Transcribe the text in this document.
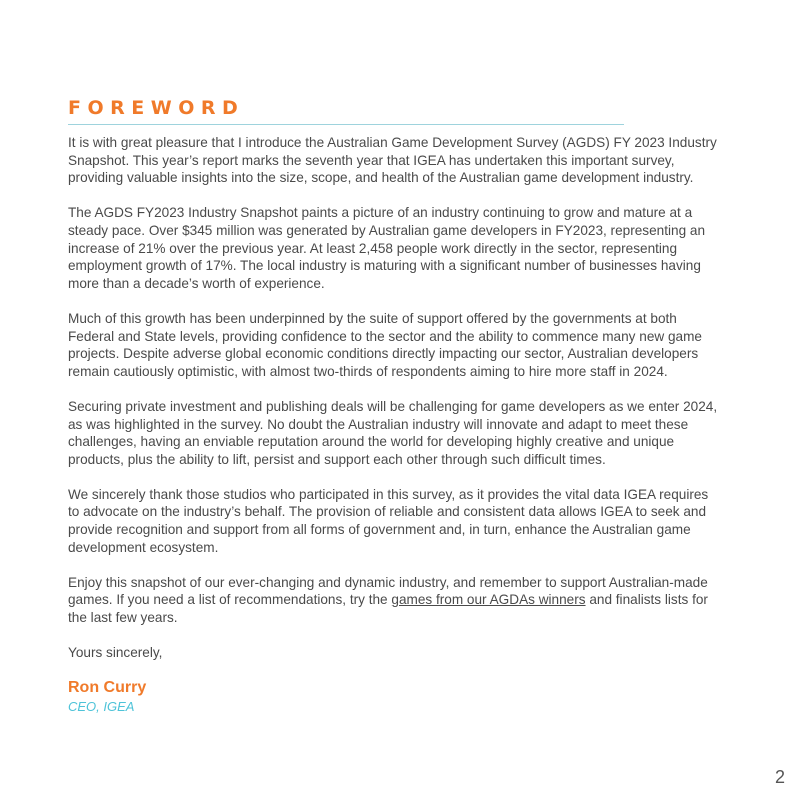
FOREWORD

It is with great pleasure that I introduce the Australian Game Development Survey (AGDS) FY 2023 Industry Snapshot. This year’s report marks the seventh year that IGEA has undertaken this important survey, providing valuable insights into the size, scope, and health of the Australian game development industry.

The AGDS FY2023 Industry Snapshot paints a picture of an industry continuing to grow and mature at a steady pace. Over $345 million was generated by Australian game developers in FY2023, representing an increase of 21% over the previous year. At least 2,458 people work directly in the sector, representing employment growth of 17%. The local industry is maturing with a significant number of businesses having more than a decade’s worth of experience.

Much of this growth has been underpinned by the suite of support offered by the governments at both Federal and State levels, providing confidence to the sector and the ability to commence many new game projects. Despite adverse global economic conditions directly impacting our sector, Australian developers remain cautiously optimistic, with almost two-thirds of respondents aiming to hire more staff in 2024.

Securing private investment and publishing deals will be challenging for game developers as we enter 2024, as was highlighted in the survey. No doubt the Australian industry will innovate and adapt to meet these challenges, having an enviable reputation around the world for developing highly creative and unique products, plus the ability to lift, persist and support each other through such difficult times.

We sincerely thank those studios who participated in this survey, as it provides the vital data IGEA requires to advocate on the industry’s behalf. The provision of reliable and consistent data allows IGEA to seek and provide recognition and support from all forms of government and, in turn, enhance the Australian game development ecosystem.

Enjoy this snapshot of our ever-changing and dynamic industry, and remember to support Australian-made games. If you need a list of recommendations, try the games from our AGDAs winners and finalists lists for the last few years.

Yours sincerely,

Ron Curry

CEO, IGEA

2
